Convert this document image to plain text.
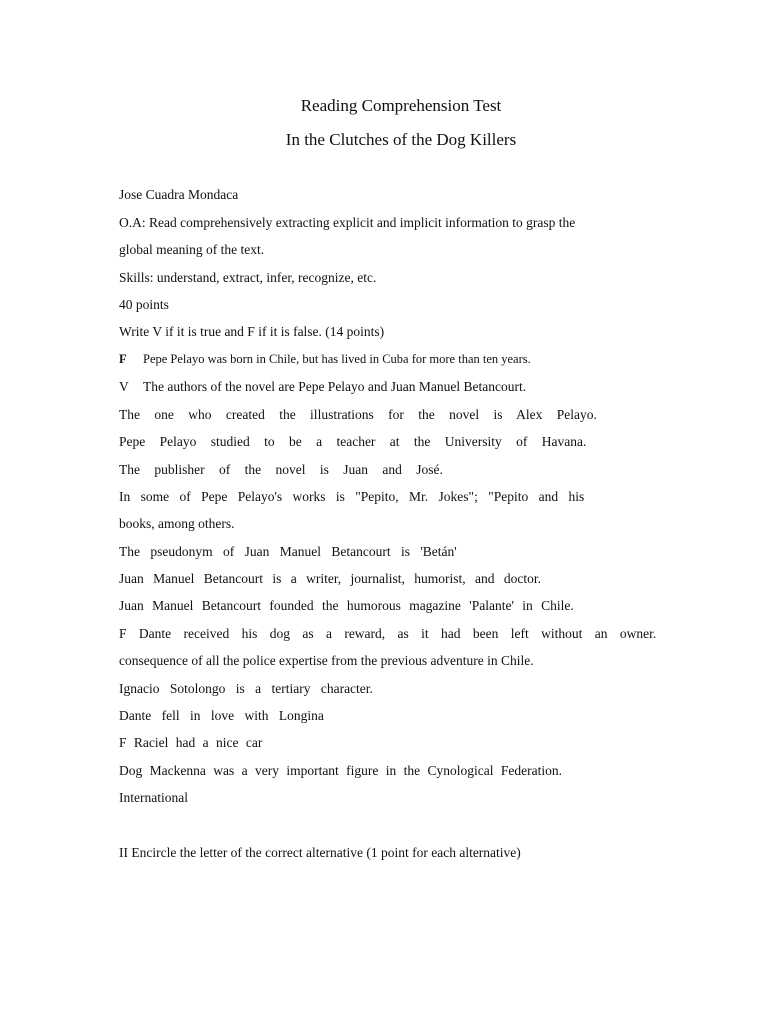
Reading Comprehension Test
In the Clutches of the Dog Killers
Jose Cuadra Mondaca
O.A: Read comprehensively extracting explicit and implicit information to grasp the
global meaning of the text.
Skills: understand, extract, infer, recognize, etc.
40 points
Write V if it is true and F if it is false. (14 points)
F Pepe Pelayo was born in Chile, but has lived in Cuba for more than ten years.
V The authors of the novel are Pepe Pelayo and Juan Manuel Betancourt.
The one who created the illustrations for the novel is Alex Pelayo.
Pepe Pelayo studied to be a teacher at the University of Havana.
The publisher of the novel is Juan and José.
In some of Pepe Pelayo's works is "Pepito, Mr. Jokes"; "Pepito and his
books, among others.
The pseudonym of Juan Manuel Betancourt is 'Betán'
Juan Manuel Betancourt is a writer, journalist, humorist, and doctor.
Juan Manuel Betancourt founded the humorous magazine 'Palante' in Chile.
F Dante received his dog as a reward, as it had been left without an owner.
consequence of all the police expertise from the previous adventure in Chile.
Ignacio Sotolongo is a tertiary character.
Dante fell in love with Longina
F Raciel had a nice car
Dog Mackenna was a very important figure in the Cynological Federation.
International
II Encircle the letter of the correct alternative (1 point for each alternative)
